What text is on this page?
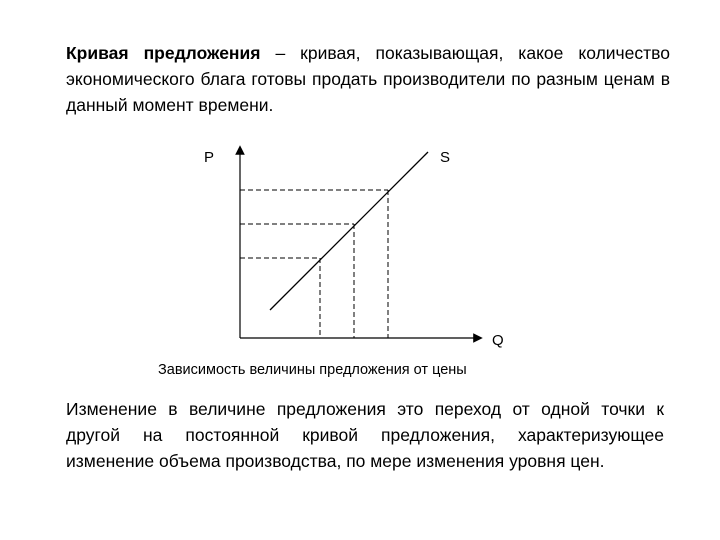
Кривая предложения – кривая, показывающая, какое количество экономического блага готовы продать производители по разным ценам в данный момент времени.

P	S
Q

Зависимость величины предложения от цены

Изменение в величине предложения это переход от одной точки к другой на постоянной кривой предложения, характеризующее изменение объема производства, по мере изменения уровня цен.
